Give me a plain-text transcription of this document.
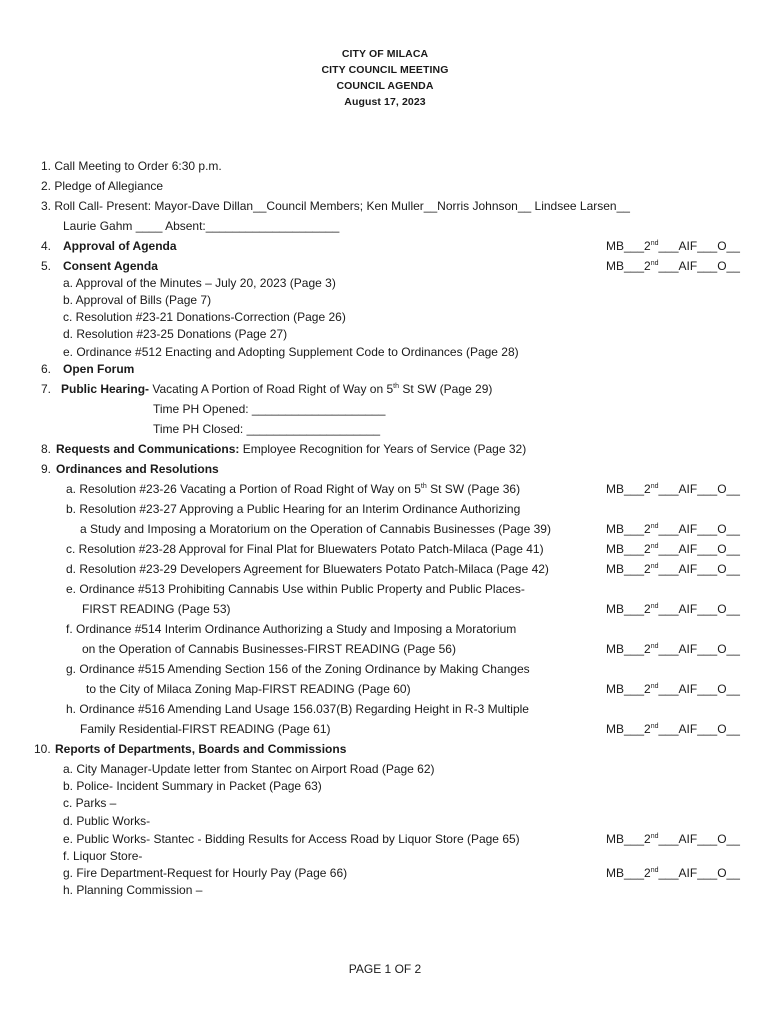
CITY OF MILACA
CITY COUNCIL MEETING
COUNCIL AGENDA
August 17, 2023
1. Call Meeting to Order 6:30 p.m.
2. Pledge of Allegiance
3. Roll Call- Present: Mayor-Dave Dillan__Council Members; Ken Muller__Norris Johnson__ Lindsee Larsen__
Laurie Gahm ____ Absent:____________________
4. Approval of Agenda	MB___2nd___AIF___O__
5. Consent Agenda	MB___2nd___AIF___O__
a. Approval of the Minutes – July 20, 2023 (Page 3)
b. Approval of Bills (Page 7)
c. Resolution #23-21 Donations-Correction (Page 26)
d. Resolution #23-25 Donations (Page 27)
e. Ordinance #512 Enacting and Adopting Supplement Code to Ordinances (Page 28)
6. Open Forum
7. Public Hearing- Vacating A Portion of Road Right of Way on 5th St SW (Page 29)
Time PH Opened: ____________________
Time PH Closed: ____________________
8. Requests and Communications: Employee Recognition for Years of Service (Page 32)
9. Ordinances and Resolutions
a. Resolution #23-26 Vacating a Portion of Road Right of Way on 5th St SW (Page 36)	MB___2nd___AIF___O__
b. Resolution #23-27 Approving a Public Hearing for an Interim Ordinance Authorizing
a Study and Imposing a Moratorium on the Operation of Cannabis Businesses (Page 39)	MB___2nd___AIF___O__
c. Resolution #23-28 Approval for Final Plat for Bluewaters Potato Patch-Milaca (Page 41)	MB___2nd___AIF___O__
d. Resolution #23-29 Developers Agreement for Bluewaters Potato Patch-Milaca (Page 42)	MB___2nd___AIF___O__
e. Ordinance #513 Prohibiting Cannabis Use within Public Property and Public Places-
FIRST READING (Page 53)	MB___2nd___AIF___O__
f. Ordinance #514 Interim Ordinance Authorizing a Study and Imposing a Moratorium
on the Operation of Cannabis Businesses-FIRST READING (Page 56)	MB___2nd___AIF___O__
g. Ordinance #515 Amending Section 156 of the Zoning Ordinance by Making Changes
to the City of Milaca Zoning Map-FIRST READING (Page 60)	MB___2nd___AIF___O__
h. Ordinance #516 Amending Land Usage 156.037(B) Regarding Height in R-3 Multiple
Family Residential-FIRST READING (Page 61)	MB___2nd___AIF___O__
10. Reports of Departments, Boards and Commissions
a. City Manager-Update letter from Stantec on Airport Road (Page 62)
b. Police- Incident Summary in Packet (Page 63)
c. Parks –
d. Public Works-
e. Public Works- Stantec - Bidding Results for Access Road by Liquor Store (Page 65)	MB___2nd___AIF___O__
f. Liquor Store-
g. Fire Department-Request for Hourly Pay (Page 66)	MB___2nd___AIF___O__
h. Planning Commission –
PAGE 1 OF 2
